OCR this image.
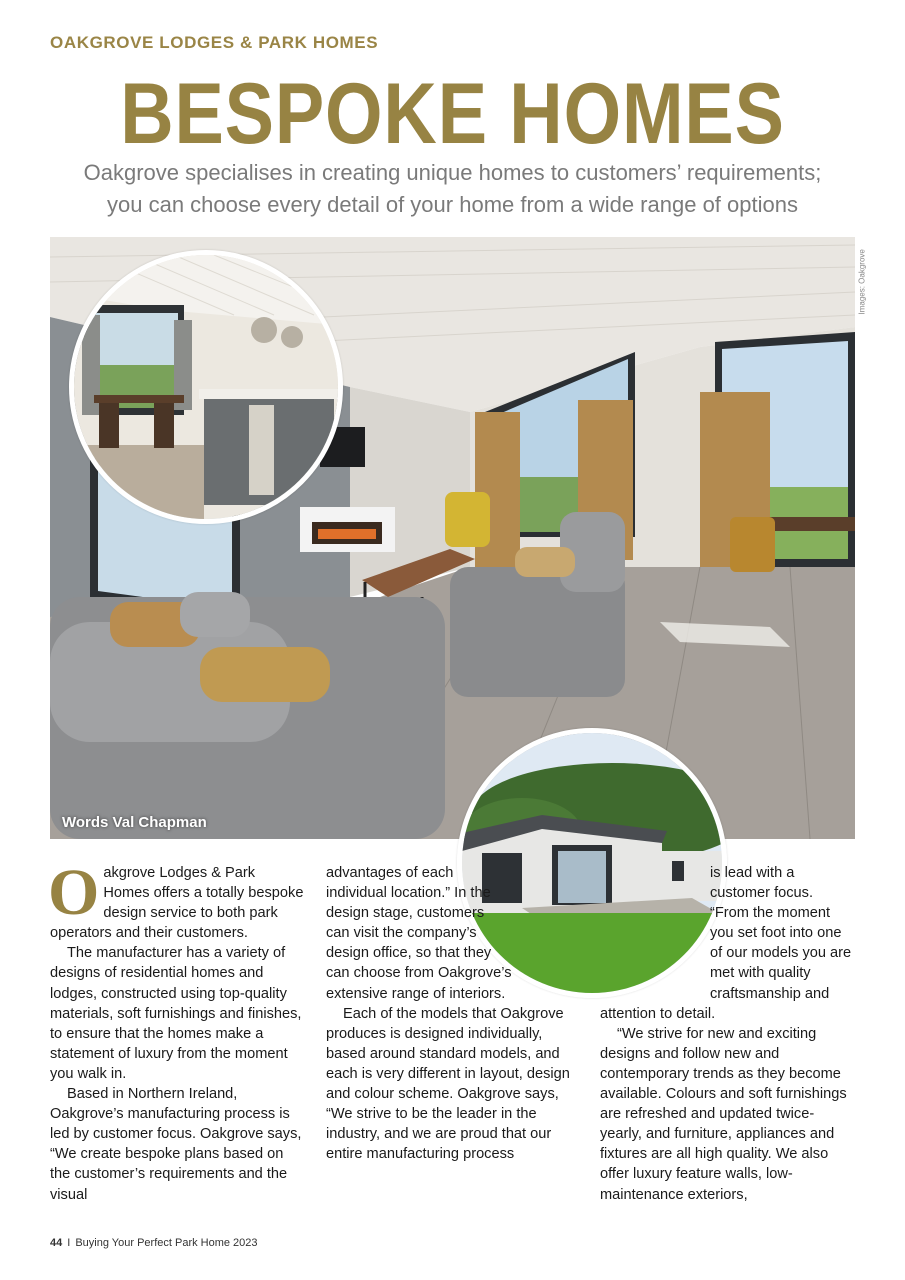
OAKGROVE LODGES & PARK HOMES
BESPOKE HOMES

Oakgrove specialises in creating unique homes to customers’ requirements;
you can choose every detail of your home from a wide range of options

Images: Oakgrove
Words Val Chapman

Oakgrove Lodges & Park Homes offers a totally bespoke design service to both park operators and their customers.

The manufacturer has a variety of designs of residential homes and lodges, constructed using top-quality materials, soft furnishings and finishes, to ensure that the homes make a statement of luxury from the moment you walk in.

Based in Northern Ireland, Oakgrove’s manufacturing process is led by customer focus. Oakgrove says, “We create bespoke plans based on the customer’s requirements and the visual

advantages of each individual location.” In the design stage, customers can visit the company’s design office, so that they can choose from Oakgrove’s extensive range of interiors.

Each of the models that Oakgrove produces is designed individually, based around standard models, and each is very different in layout, design and colour scheme. Oakgrove says, “We strive to be the leader in the industry, and we are proud that our entire manufacturing process

is lead with a customer focus. “From the moment you set foot into one of our models you are met with quality craftsmanship and attention to detail.

“We strive for new and exciting designs and follow new and contemporary trends as they become available. Colours and soft furnishings are refreshed and updated twice-yearly, and furniture, appliances and fixtures are all high quality. We also offer luxury feature walls, low-maintenance exteriors,

44 I Buying Your Perfect Park Home 2023
